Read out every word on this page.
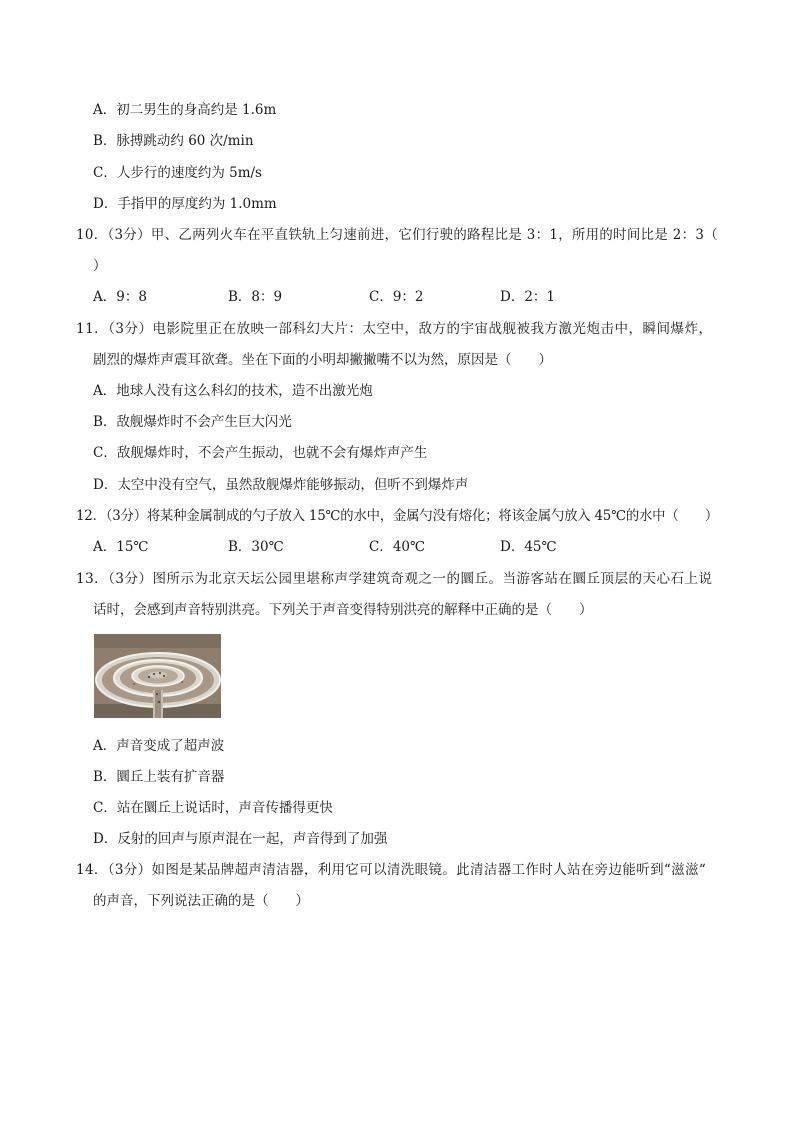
A．初二男生的身高约是 1.6m
B．脉搏跳动约 60 次/min
C．人步行的速度约为 5m/s
D．手指甲的厚度约为 1.0mm
10．（3分）甲、乙两列火车在平直铁轨上匀速前进，它们行驶的路程比是 3：1，所用的时间比是 2：3（
）
A．9：8	B．8：9	C．9：2	D．2：1
11．（3分）电影院里正在放映一部科幻大片：太空中，敌方的宇宙战舰被我方激光炮击中，瞬间爆炸，
剧烈的爆炸声震耳欲聋。坐在下面的小明却撇撇嘴不以为然，原因是（　　）
A．地球人没有这么科幻的技术，造不出激光炮
B．敌舰爆炸时不会产生巨大闪光
C．敌舰爆炸时，不会产生振动，也就不会有爆炸声产生
D．太空中没有空气，虽然敌舰爆炸能够振动，但听不到爆炸声
12．（3分）将某种金属制成的勺子放入 15℃的水中，金属勺没有熔化；将该金属勺放入 45℃的水中（　　）
A．15℃	B．30℃	C．40℃	D．45℃
13．（3分）图所示为北京天坛公园里堪称声学建筑奇观之一的圜丘。当游客站在圜丘顶层的天心石上说
话时，会感到声音特别洪亮。下列关于声音变得特别洪亮的解释中正确的是（　　）
A．声音变成了超声波
B．圜丘上装有扩音器
C．站在圜丘上说话时，声音传播得更快
D．反射的回声与原声混在一起，声音得到了加强
14．（3分）如图是某品牌超声清洁器，利用它可以清洗眼镜。此清洁器工作时人站在旁边能听到“滋滋“
的声音，下列说法正确的是（　　）
